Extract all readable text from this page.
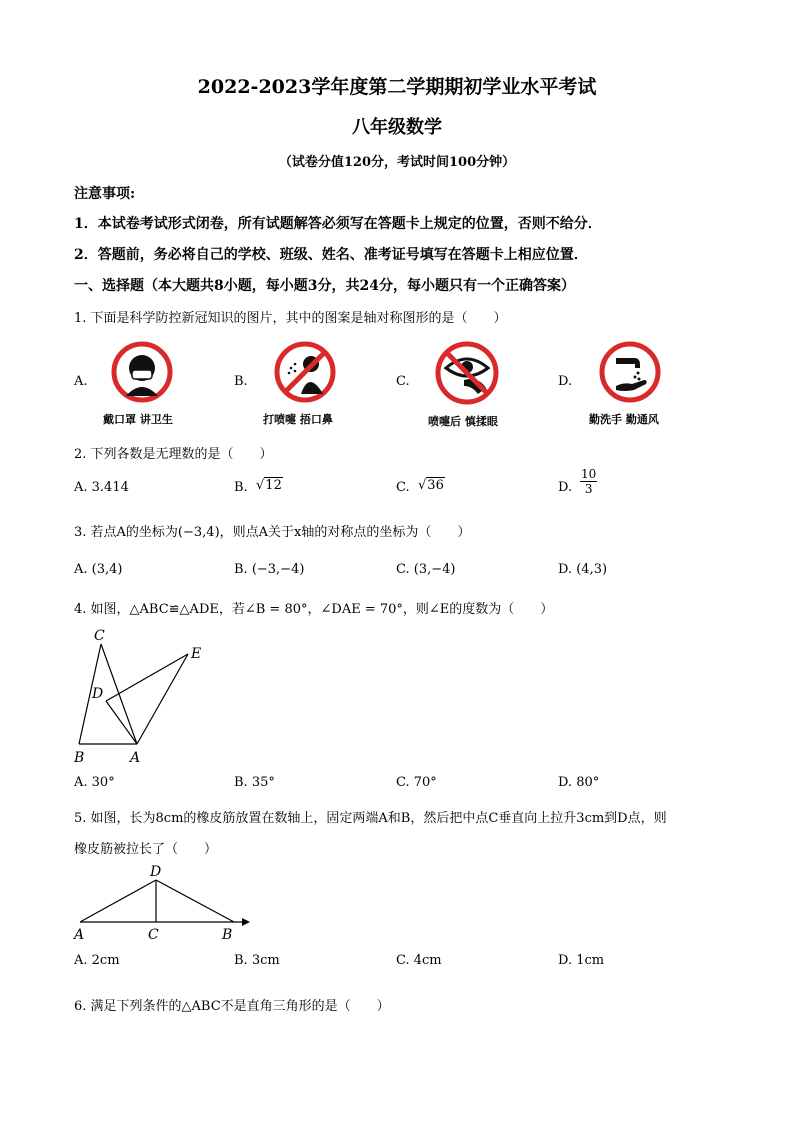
2022-2023学年度第二学期期初学业水平考试
八年级数学
（试卷分值120分，考试时间100分钟）
注意事项:
1．本试卷考试形式闭卷，所有试题解答必须写在答题卡上规定的位置，否则不给分．
2．答题前，务必将自己的学校、班级、姓名、准考证号填写在答题卡上相应位置．
一、选择题（本大题共8小题，每小题3分，共24分，每小题只有一个正确答案）
1. 下面是科学防控新冠知识的图片，其中的图案是轴对称图形的是（　　）
A.
戴口罩 讲卫生
B.
打喷嚏 捂口鼻
C.
喷嚏后 慎揉眼
D.
勤洗手 勤通风
2. 下列各数是无理数的是（　　）
A. 3.414	B. √12	C. √36	D. $\frac{10}{3}$
3. 若点A的坐标为(−3,4)，则点A关于x轴的对称点的坐标为（　　）
A. (3,4)	B. (−3,−4)	C. (3,−4)	D. (4,3)
4. 如图，△ABC≌△ADE，若∠B = 80°，∠DAE = 70°，则∠E的度数为（　　）
C
E
D
B	A
A. 30°	B. 35°	C. 70°	D. 80°
5. 如图，长为8cm的橡皮筋放置在数轴上，固定两端A和B，然后把中点C垂直向上拉升3cm到D点，则
橡皮筋被拉长了（　　）
D
A	C	B
A. 2cm	B. 3cm	C. 4cm	D. 1cm
6. 满足下列条件的△ABC不是直角三角形的是（　　）
